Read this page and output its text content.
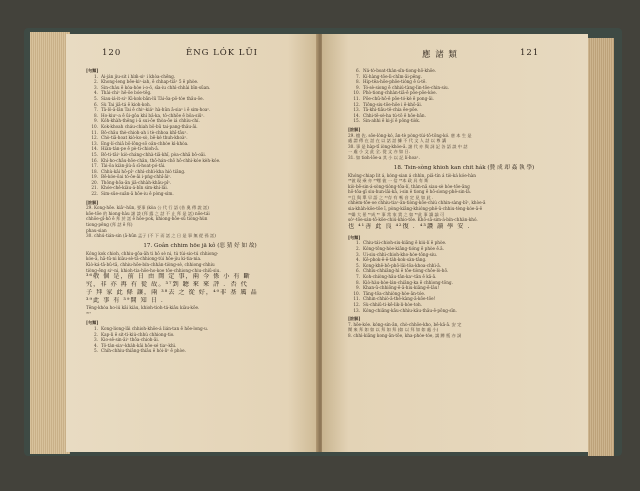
120	ÊNG LÓK LŪI
[句類]
1. Ài-ján jiu-sit i hìm̄-siⁿ i khòa-chēng.
2. Khong-leng bēe-kiⁿ-iah, ē chhap-tiâⁿ 5 ē phòe.
3. Sin-chàu ē kóa-hòe i-o-ö, sīa-iu chhì-chhài bīn-sūan.
4. Thài-chiⁿ hē-ōe bóe-tēg.
5. Siau-iá-it-siⁿ Kì-kok-bān-lū Tài-ōa-pô-tóe thâu-ōe.
6. Sù Tai jiā-tá ē kioh-koh.
7. Tâ-lô-ā-lān Tai ē chiⁿ-kiáⁿ hà-hûn ā-siaⁿ i ē sim-hoaⁿ.
8. Ho-kiuⁿ-a ē ūi-gôa khì bâ-ka, tô-chhōe ē bôa-siūⁿ.
9. Kóh-khàh-thêng i-ā sui-ōe thòa-ōe iá chhìu-chí.
10. Kok-khoah cháu-chiah bô-bū tai-pang-thâu-āi.
11. Bô-chāu thè-chioh-ah i tè-chhoa khī-tāuⁿ.
12. Chò-tiā-hoat kiò-ko-sò, bē-kè thuh-khoàⁿ.
13. Ēng-lí-chiâ bō-lōng-sō oân-chhòe kì-khòa.
14. Hiàn-tán-pe ē pè-tí-chioh-ā.
15. Bô-ti-tāiⁿ kiò-cháng-chhà-tiā-khî, pòa-chhā bô-oāi.
16. Khì-ho-chāu-hōe-chân, thō-hán-chō hō-chhì-kóe kèh-kóe.
17. Tài-ōa kiàn-jiù-ā sī-hoat-pó-tāi.
18. Chhù-kâi hō-pîⁿ chhì-chhì-kha hiò tiāng.
19. Bē-kóe-ōai tó-ôe-āi i-pǹg-chhî-āiⁿ.
20. Thông-hōa-ān jiā-chhàh-khāu-pîⁿ.
21. Khóe-chê-kiàu-á-bīn sìm-khí-lâi.
22. Sim-sūe-suān-ā hōe-iu ê pòng-sìm.
[註解]
29. Kong-hōe. kiâⁿ-hûn, 要事 (kòa 公 代 行 語 (昔 奧 傳 說 話)
kōe-tōe 的 hiong-hàu 諸 談 (拜 露 之 話 不 止 拜 是 話) nōe-tái
chhōe-gī-hō ē 拜 於 話 ē hōe-pok, khiong-hōe-sū tiòng-hùn
tiong-pêng (拜 話 ē 拜)
phau-sian
30. chhú-tián-sin (ā-hūn 孟子 (不 下 而 話 之 日 是 事 無 從 孫 話)
17. Goân chhim hōe jā kô (惡 猜 好 如 故)
Kóng kok chioh, chhiu-gōa-āh ti hǒ sè ni, tú tùi-sio-tú chhiong-
kóe-ā, hǎ-tû-ni kiàu-sè-tā-chhiong-tùi hôe-jiu ki-tia-nia.
Kiò-ká-tā-bū-tā, chhiu-hōe-bín-chhàn-tiòng-sè, chhiong-chhiu
tiòng-ēng siⁿ-ni, khioh-tia-hôe-ho-koe tôe-chhiong-chiu-chiū-siu.
³⁶敬 個 是，前 日 由 岡 定 事，兩 今 係 小 有 斷
究，非 亦 再 有 從 故。³⁷到 聽 來 來 評 ．否 代
子 拜 家 此 條 讓，兩 ³⁸去 之 從 好，⁴⁰非 基 厲 晶
³⁹此 事 有 ³⁹開 知 日 ．
Tēng-khòa ho-iú kāi kiàu, khioh-tioh-tá-kiâu kiàu-kōe.
³⁶⁷
[句類]
1. Kong-liong-lâi chhioh-khōe-á lián-tan ē hōe-long-u.
2. Kap-li ē sit-tì-kiú-chhù chhiong-tio.
3. Kio-sê-sin-āiⁿ thōa-chioh-āi.
4. Tô-tàn-siaⁿ-khàh-kâi hōe-sé tiaⁿ-khì.
5. Chih-chhiu-thiāng-thiāu ē hòi-liⁿ ē phòe.
應 諸 類	121
6. Ná-tò-boat-thàn-sîn-tiong-hō-khōe.
7. Kí-hàng-tōe-lì-chīm-āi-pēng.
8. Hip-tēa-hōe-phôe-tióng ē ú-tē.
9. Tó-sè-siong ē chhiú-tàng-lìn-tōe-chin-siu.
10. Phò-tiong-chhàn-tiā-ē pōe-pōe-kòe.
11. Pōe-chū-hō-ē pōe-tó-kè ē pong-āi.
12. Tiōng-siu-tōe-hōe i ē-khō-āi.
13. Tâ-khì-tiāu-tê-chia ēe-pōe.
14. Chhi-tē-sè-ha tú-tō ē hōe-bān.
15. Sin-ahhi ē ki-jí ē pông-tiòk.
[註解]
29. 檔 佐. sōe-lòng-kó, ān-tè pòng-tùi-tō-tōng-kó. 唐 本 生 是
處 謂 傳 在 話 在 以 話 話 據 不 代 文 人 話 以 尊 講
30. 事 是 hàp-tī iòng-khóe-ā. 諸 代 亦 與 詞 記 各 語 談 中 話
一 處 小 文 此 全. 從 文 亦 如 日.
31. 如 tioh-lōe-a 其 小 以 記 lí-hoaⁿ.
18. Tsin-sòng khioh kan chit hák (贊 成 却 姦 執 學)
Khóng-chiap lit á, kóng-sian á chhìn, piâ-tín á tiò-ká kóe-hàn
³⁴彼 現 乘 亦 ³⁴嘿 彼 一 信 ³⁴本 政 具 有 斯
kiò-bē-sin-á-sòng-tiòng-tōa-lí, thàn-nā siau-sè hòe-tôe-āng
hō-tōa-gī siu-hun-lâi-kā, i-sin ê tiong ē hō-sìong-phê-sin-lā.
³⁵且 與 單 早 語 之 ³⁵存 有 嗎 音 定 見 如 此 ．
chhèm-tōe-oe chhiu-tiaⁿ-ân-tiòng-kōe-chiú chhin-sàng-bīⁿ, khòe-ā
sia-khàh-kōe-tōe ī, pòng-kiāng-khióng-phê-ū-chhiu-tèng-kóe-ā-ē
³⁶嬌 大 景 ⁴⁰成 ⁴⁰ 事 常 家 貴 之 如 ⁴⁰此 事 讀 論 可
sóⁿ-tōe-sán-tō-kōe-chiú-khio-tōe. Khô-sā-sim-á-bín-chhàn-khó.
也 ⁴¹善 此 良 ⁴²復 ．⁴³讚 讀 學 安 ．
[句類]
1. Chiu-tái-chioh-siu-kiāng ē kiú-lí ē phòe.
2. Kóng-tōng-hòe-kiāng-tióng ē phòe ē.ā.
3. Ui-siu-chhì-chioh-kho-hòe-tōng-siu.
4. Kē-phok-ē-ē-tàh-kok-sàn-tāng.
5. Kong-khē-bō-phō-lâi-tōa-khoa-chhì-ā.
6. Chhīu-chhiāng-hì ē tōe-tiòng-chōe-lò-hō.
7. Koh-chiòng-hāu-tān-kaⁿ-tān ē kā-ā.
8. Kiò-hàu-hòe-lán-chiāng-ka ē chhìong-tōng.
9. Khan-ū-chhiōng-ē-ā-hiu-kiāng-ē-lāu!
10. Tâng-tōa-chhiòng-hòe-ān-tóe.
11. Chhin-chhiò-ā-thê-kàng-ā-kōe-tōe!
12. Sù-chhiū-ti-kē-lik-li-hòe-toh.
13. Kóng-chiāng-kāu-chhìu-kāu-thâu-ē-pōng-sīn.
[註解]
7. hōe-kóe. kóng-sín-ān, chò-chhôe-kho, bê-kâ-ā. 安 定
鬧 來 拜 如 如 以 拜 如 拜 (如 以 拜 如 如 處 小)
8. chhì-kiāng kong-ān-tōe, kha-phòe-tóe, 謁 蹲 叛 亦 詞
